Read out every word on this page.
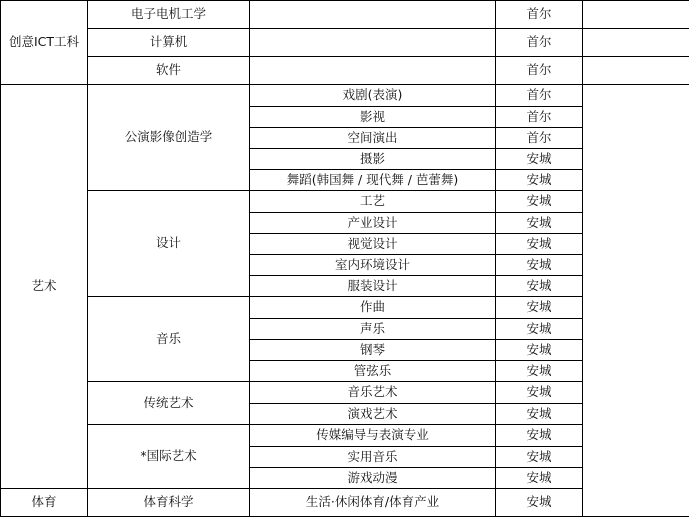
创意ICT工科	电子电机工学		首尔	
	计算机		首尔	
	软件		首尔	
艺术	公演影像创造学	戏剧(表演)	首尔	
		影视	首尔	
		空间演出	首尔	
		摄影	安城	
		舞蹈(韩国舞 / 现代舞 / 芭蕾舞)	安城	
	设计	工艺	安城	
		产业设计	安城	
		视觉设计	安城	
		室内环境设计	安城	
		服装设计	安城	
	音乐	作曲	安城	
		声乐	安城	
		钢琴	安城	
		管弦乐	安城	
	传统艺术	音乐艺术	安城	
		演戏艺术	安城	
	*国际艺术	传媒编导与表演专业	安城	
		实用音乐	安城	
		游戏动漫	安城	
体育	体育科学	生活·休闲体育/体育产业	安城	
